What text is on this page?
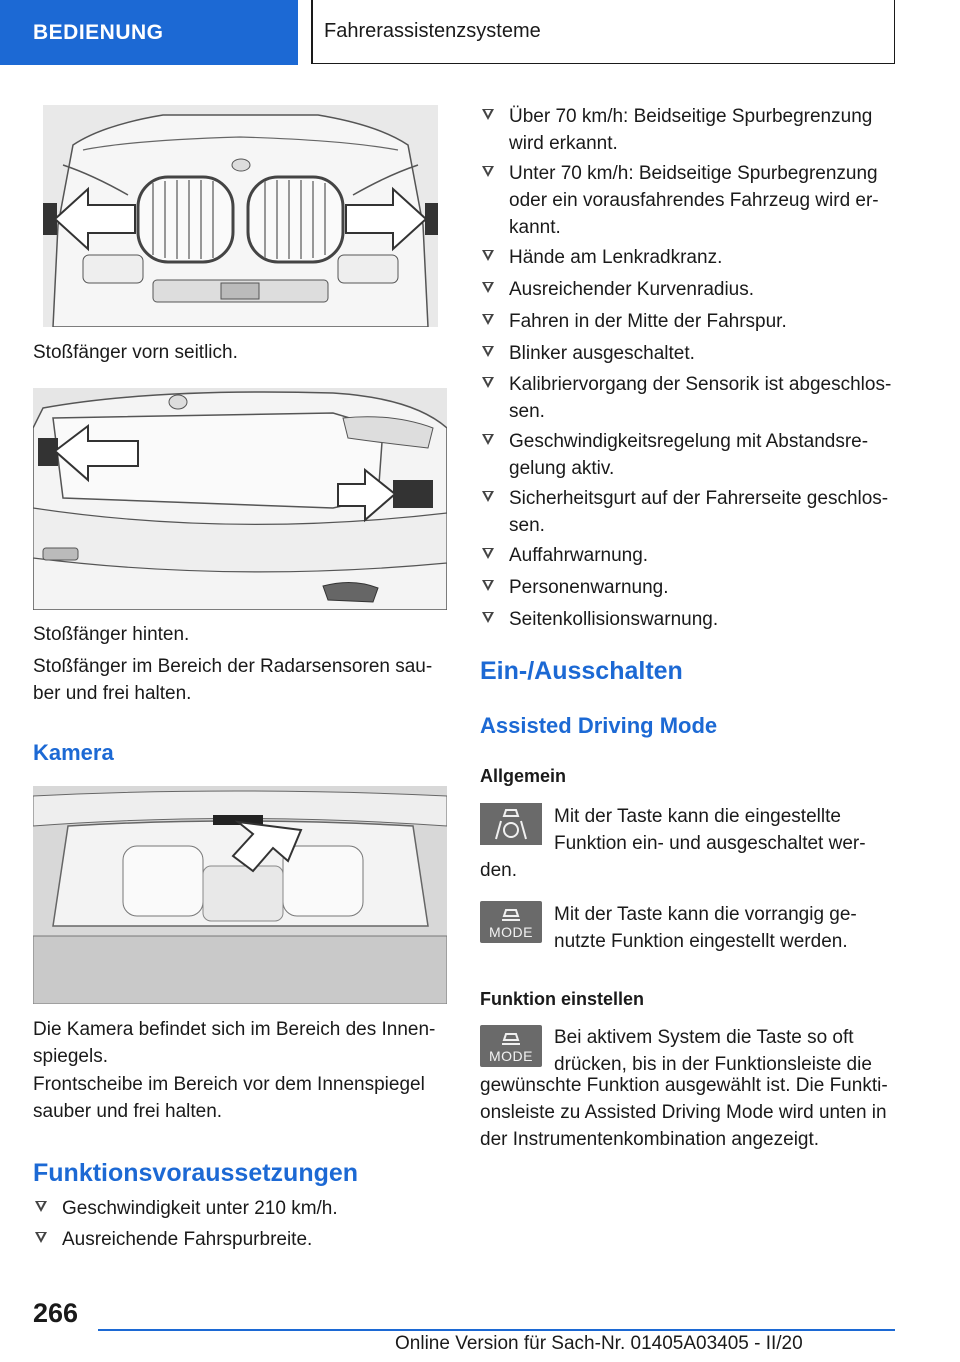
BEDIENUNG	Fahrerassistenzsysteme
Stoßfänger vorn seitlich.
Stoßfänger hinten.
Stoßfänger im Bereich der Radarsensoren sau-
ber und frei halten.
Kamera
Die Kamera befindet sich im Bereich des Innen-
spiegels.
Frontscheibe im Bereich vor dem Innenspiegel
sauber und frei halten.
Funktionsvoraussetzungen
Geschwindigkeit unter 210 km/h.
Ausreichende Fahrspurbreite.
Über 70 km/h: Beidseitige Spurbegrenzung
wird erkannt.
Unter 70 km/h: Beidseitige Spurbegrenzung
oder ein vorausfahrendes Fahrzeug wird er-
kannt.
Hände am Lenkradkranz.
Ausreichender Kurvenradius.
Fahren in der Mitte der Fahrspur.
Blinker ausgeschaltet.
Kalibriervorgang der Sensorik ist abgeschlos-
sen.
Geschwindigkeitsregelung mit Abstandsre-
gelung aktiv.
Sicherheitsgurt auf der Fahrerseite geschlos-
sen.
Auffahrwarnung.
Personenwarnung.
Seitenkollisionswarnung.
Ein-/Ausschalten
Assisted Driving Mode
Allgemein
Mit der Taste kann die eingestellte
Funktion ein- und ausgeschaltet wer-
den.
MODE
Mit der Taste kann die vorrangig ge-
nutzte Funktion eingestellt werden.
Funktion einstellen
MODE
Bei aktivem System die Taste so oft
drücken, bis in der Funktionsleiste die
gewünschte Funktion ausgewählt ist. Die Funkti-
onsleiste zu Assisted Driving Mode wird unten in
der Instrumentenkombination angezeigt.
266
Online Version für Sach-Nr. 01405A03405 - II/20
